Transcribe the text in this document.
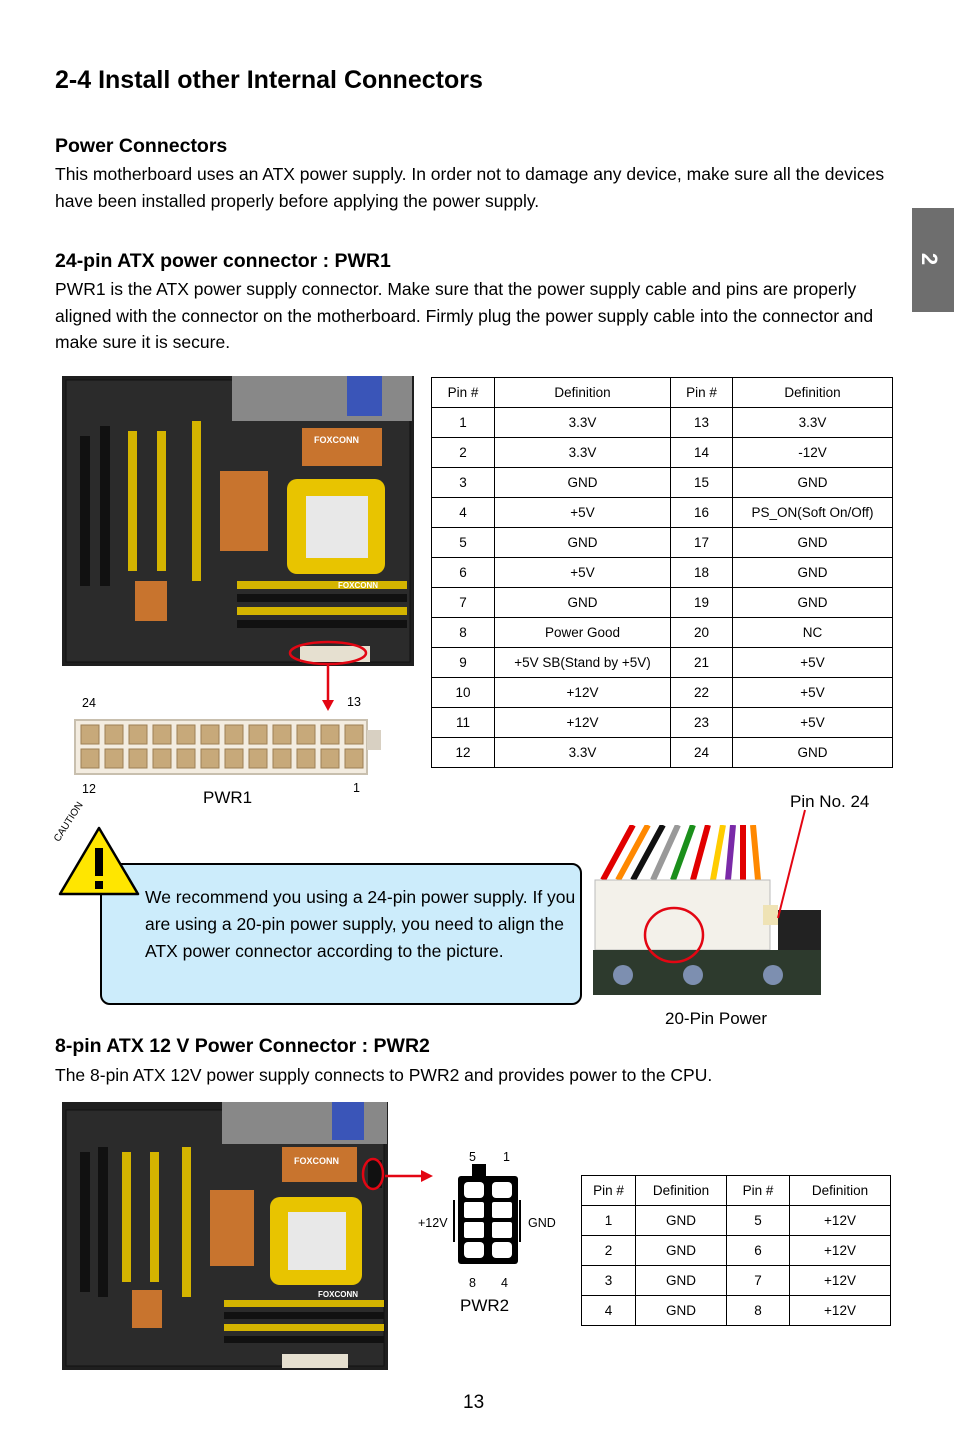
2-4 Install other Internal Connectors
2
Power Connectors

This motherboard uses an ATX power supply. In order not to damage any device, make sure all the devices have been installed properly before applying the power supply.

24-pin ATX power connector : PWR1

PWR1 is the ATX power supply connector. Make sure that the power supply cable and pins are properly aligned with the connector on the motherboard. Firmly plug the power supply cable into the connector and make sure it is secure.

FOXCONN
FOXCONN
24	13
12	1
PWR1
Pin #	Definition	Pin #	Definition
1	3.3V	13	3.3V
2	3.3V	14	-12V
3	GND	15	GND
4	+5V	16	PS_ON(Soft On/Off)
5	GND	17	GND
6	+5V	18	GND
7	GND	19	GND
8	Power Good	20	NC
9	+5V SB(Stand by +5V)	21	+5V
10	+12V	22	+5V
11	+12V	23	+5V
12	3.3V	24	GND
CAUTION
We recommend you using a 24-pin power supply. If you are using a 20-pin power supply, you need to align the ATX power connector according to the picture.
Pin No. 24
20-Pin Power
8-pin ATX 12 V Power Connector : PWR2

The 8-pin ATX 12V power supply connects to PWR2 and provides power to the CPU.

FOXCONN
FOXCONN
5 1
+12V	GND
8 4
PWR2
Pin #	Definition	Pin #	Definition
1	GND	5	+12V
2	GND	6	+12V
3	GND	7	+12V
4	GND	8	+12V
13
